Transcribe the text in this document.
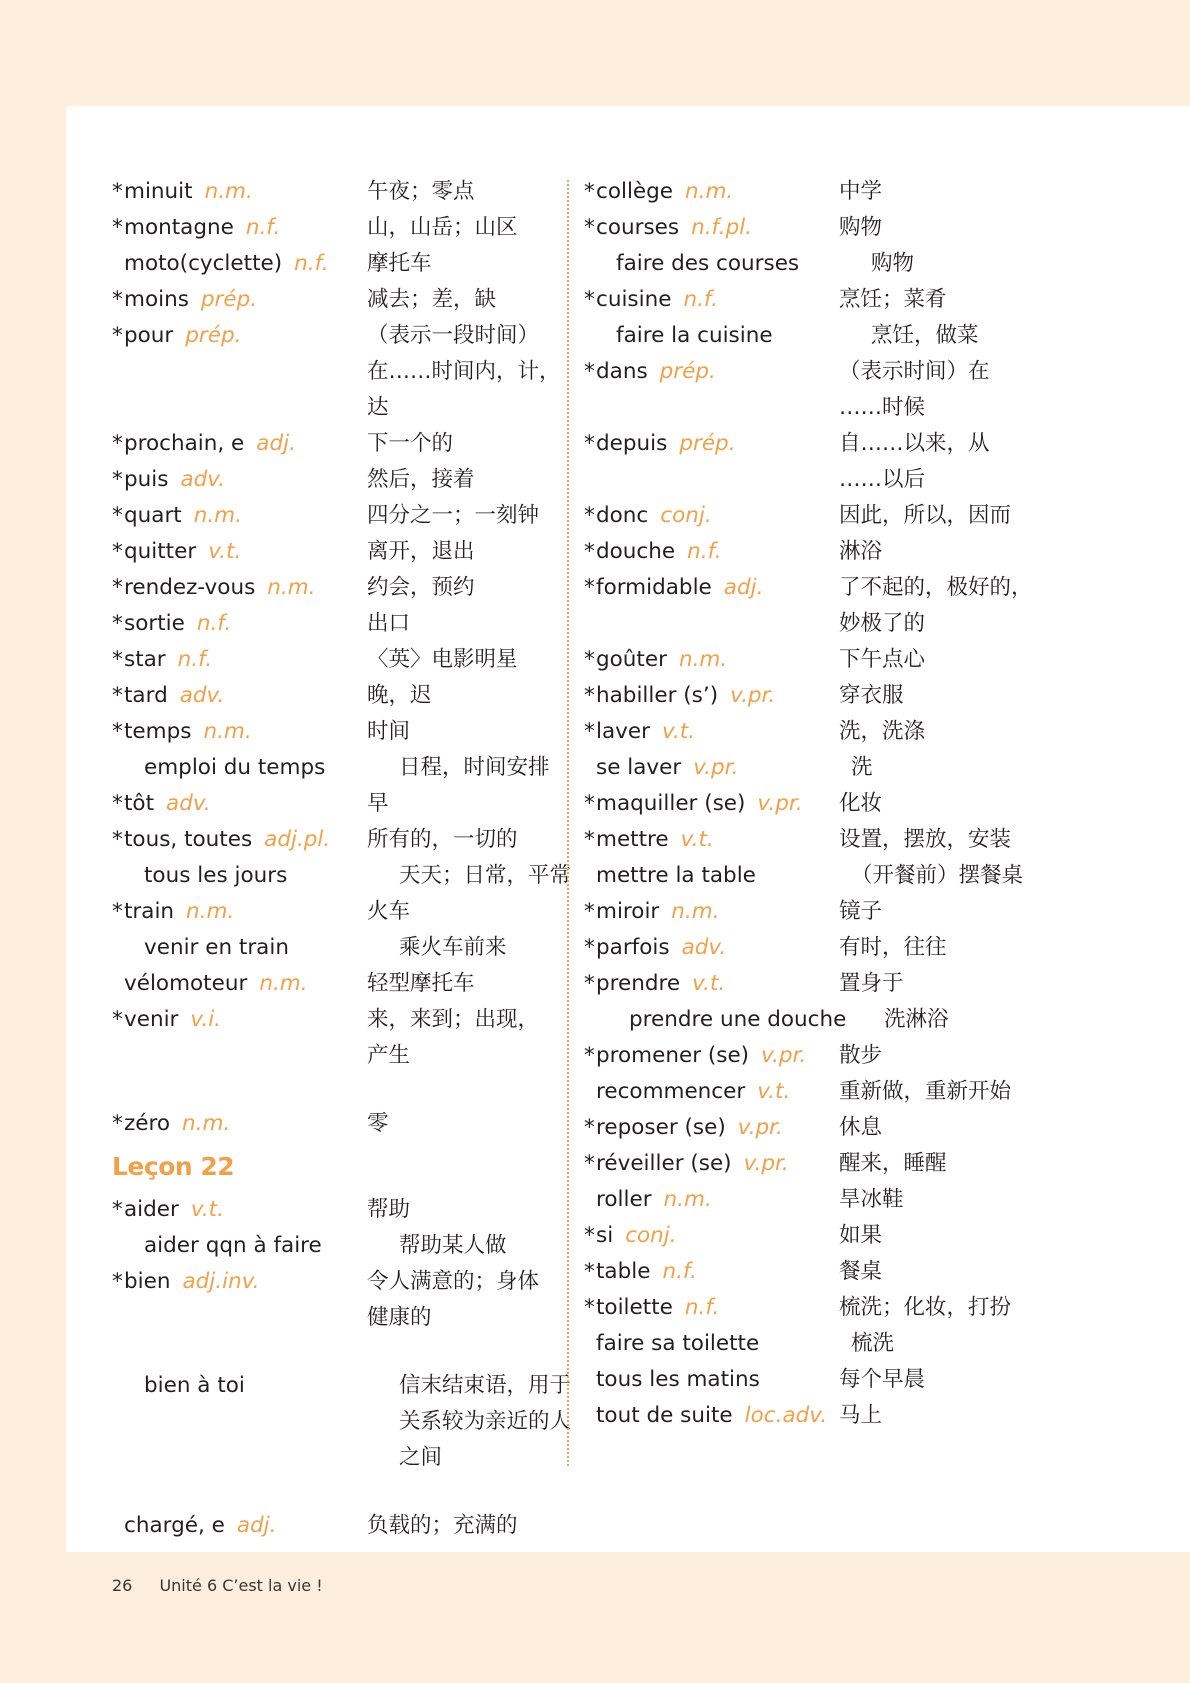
*minuit n.m.	午夜；零点
*montagne n.f.	山，山岳；山区
moto(cyclette) n.f.	摩托车
*moins prép.	减去；差，缺
*pour prép.	（表示一段时间）
在……时间内，计，
达
*prochain, e adj.	下一个的
*puis adv.	然后，接着
*quart n.m.	四分之一；一刻钟
*quitter v.t.	离开，退出
*rendez-vous n.m.	约会，预约
*sortie n.f.	出口
*star n.f.	〈英〉电影明星
*tard adv.	晚，迟
*temps n.m.	时间
emploi du temps	日程，时间安排
*tôt adv.	早
*tous, toutes adj.pl.	所有的，一切的
tous les jours	天天；日常，平常
*train n.m.	火车
venir en train	乘火车前来
vélomoteur n.m.	轻型摩托车
*venir v.i.	来，来到；出现，
产生
*zéro n.m.	零
Leçon 22
*aider v.t.	帮助
aider qqn à faire	帮助某人做
*bien adj.inv.	令人满意的；身体
健康的
bien à toi	信末结束语，用于
关系较为亲近的人
之间
chargé, e adj.	负载的；充满的
*collège n.m.	中学
*courses n.f.pl.	购物
faire des courses	购物
*cuisine n.f.	烹饪；菜肴
faire la cuisine	烹饪，做菜
*dans prép.	（表示时间）在
……时候
*depuis prép.	自……以来，从
……以后
*donc conj.	因此，所以，因而
*douche n.f.	淋浴
*formidable adj.	了不起的，极好的，
妙极了的
*goûter n.m.	下午点心
*habiller (s’) v.pr.	穿衣服
*laver v.t.	洗，洗涤
se laver v.pr.	洗
*maquiller (se) v.pr.	化妆
*mettre v.t.	设置，摆放，安装
mettre la table	（开餐前）摆餐桌
*miroir n.m.	镜子
*parfois adv.	有时，往往
*prendre v.t.	置身于
prendre une douche	洗淋浴
*promener (se) v.pr.	散步
recommencer v.t.	重新做，重新开始
*reposer (se) v.pr.	休息
*réveiller (se) v.pr.	醒来，睡醒
roller n.m.	旱冰鞋
*si conj.	如果
*table n.f.	餐桌
*toilette n.f.	梳洗；化妆，打扮
faire sa toilette	梳洗
tous les matins	每个早晨
tout de suite loc.adv. 马上
26 Unité 6 C’est la vie !
